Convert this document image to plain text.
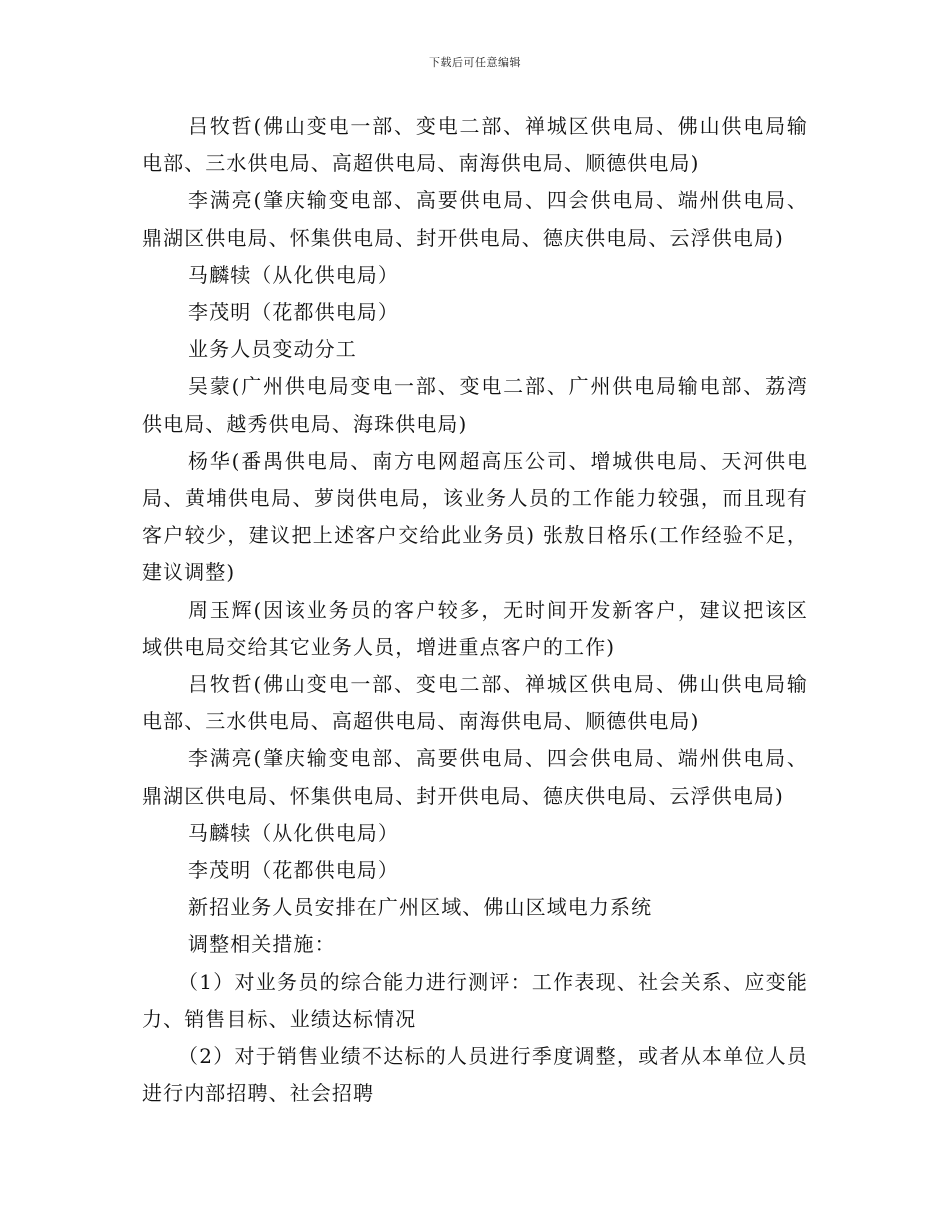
下载后可任意编辑

吕牧哲(佛山变电一部、变电二部、禅城区供电局、佛山供电局输电部、三水供电局、高超供电局、南海供电局、顺德供电局)

李满亮(肇庆输变电部、高要供电局、四会供电局、端州供电局、鼎湖区供电局、怀集供电局、封开供电局、德庆供电局、云浮供电局)

马麟犊（从化供电局）

李茂明（花都供电局）

业务人员变动分工

吴蒙(广州供电局变电一部、变电二部、广州供电局输电部、荔湾供电局、越秀供电局、海珠供电局)

杨华(番禺供电局、南方电网超高压公司、增城供电局、天河供电局、黄埔供电局、萝岗供电局，该业务人员的工作能力较强，而且现有客户较少，建议把上述客户交给此业务员) 张敖日格乐(工作经验不足，建议调整)

周玉辉(因该业务员的客户较多，无时间开发新客户，建议把该区域供电局交给其它业务人员，增进重点客户的工作)

吕牧哲(佛山变电一部、变电二部、禅城区供电局、佛山供电局输电部、三水供电局、高超供电局、南海供电局、顺德供电局)

李满亮(肇庆输变电部、高要供电局、四会供电局、端州供电局、鼎湖区供电局、怀集供电局、封开供电局、德庆供电局、云浮供电局)

马麟犊（从化供电局）

李茂明（花都供电局）

新招业务人员安排在广州区域、佛山区域电力系统

调整相关措施：

（1）对业务员的综合能力进行测评：工作表现、社会关系、应变能力、销售目标、业绩达标情况

（2）对于销售业绩不达标的人员进行季度调整，或者从本单位人员进行内部招聘、社会招聘
